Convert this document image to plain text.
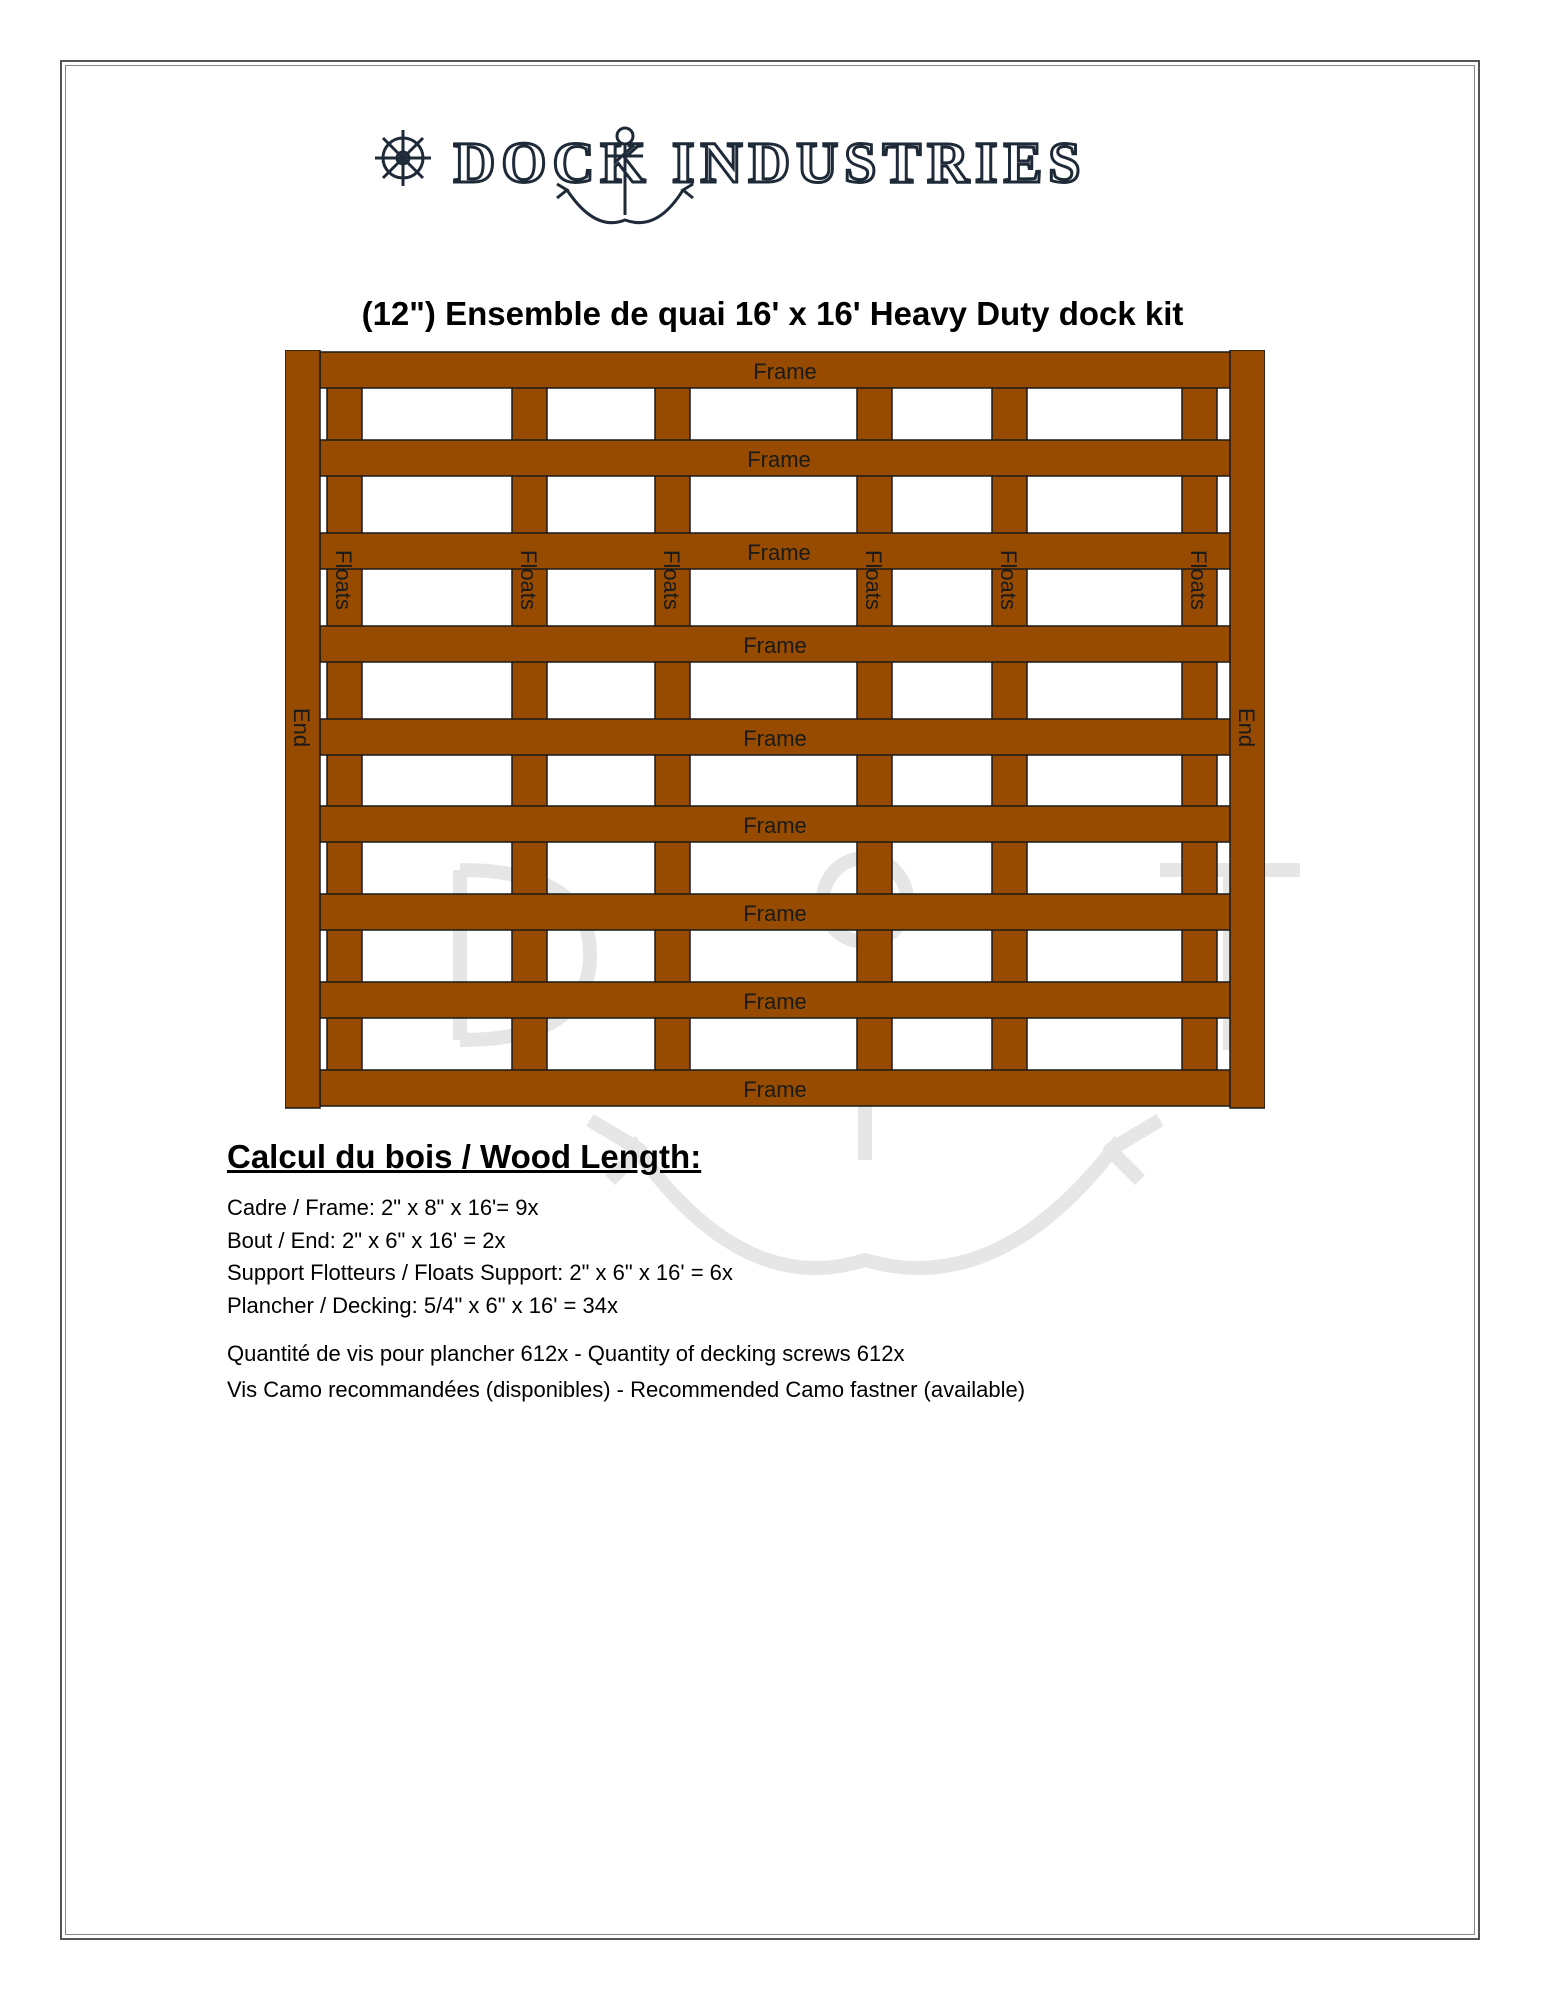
DOCK INDUSTRIES
(12") Ensemble de quai 16' x 16' Heavy Duty dock kit
Floats	Floats	Floats	Floats	Floats	Floats
Frame
Frame
Frame
Frame
Frame
Frame
Frame
Frame
Frame
End	End
Calcul du bois / Wood Length:
Cadre / Frame: 2" x 8" x 16'= 9x
Bout / End: 2" x 6" x 16' = 2x
Support Flotteurs / Floats Support: 2" x 6" x 16' = 6x
Plancher / Decking: 5/4" x 6" x 16' = 34x
Quantité de vis pour plancher 612x - Quantity of decking screws 612x
Vis Camo recommandées (disponibles) - Recommended Camo fastner (available)
